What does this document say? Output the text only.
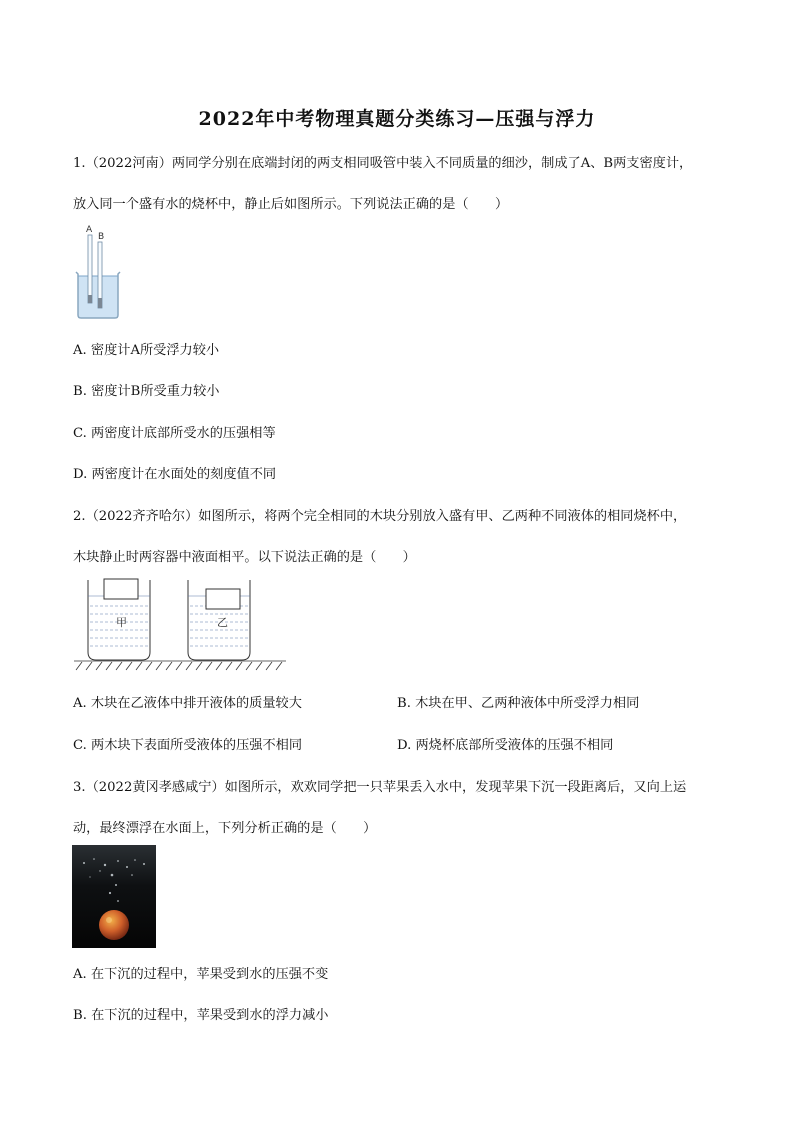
2022年中考物理真题分类练习—压强与浮力
1.（2022河南）两同学分别在底端封闭的两支相同吸管中装入不同质量的细沙，制成了A、B两支密度计，
放入同一个盛有水的烧杯中，静止后如图所示。下列说法正确的是（　　）
A
B
A. 密度计A所受浮力较小
B. 密度计B所受重力较小
C. 两密度计底部所受水的压强相等
D. 两密度计在水面处的刻度值不同
2.（2022齐齐哈尔）如图所示，将两个完全相同的木块分别放入盛有甲、乙两种不同液体的相同烧杯中，
木块静止时两容器中液面相平。以下说法正确的是（　　）
甲	乙
A. 木块在乙液体中排开液体的质量较大	B. 木块在甲、乙两种液体中所受浮力相同
C. 两木块下表面所受液体的压强不相同	D. 两烧杯底部所受液体的压强不相同
3.（2022黄冈孝感咸宁）如图所示，欢欢同学把一只苹果丢入水中，发现苹果下沉一段距离后，又向上运
动，最终漂浮在水面上，下列分析正确的是（　　）
A. 在下沉的过程中，苹果受到水的压强不变
B. 在下沉的过程中，苹果受到水的浮力减小
